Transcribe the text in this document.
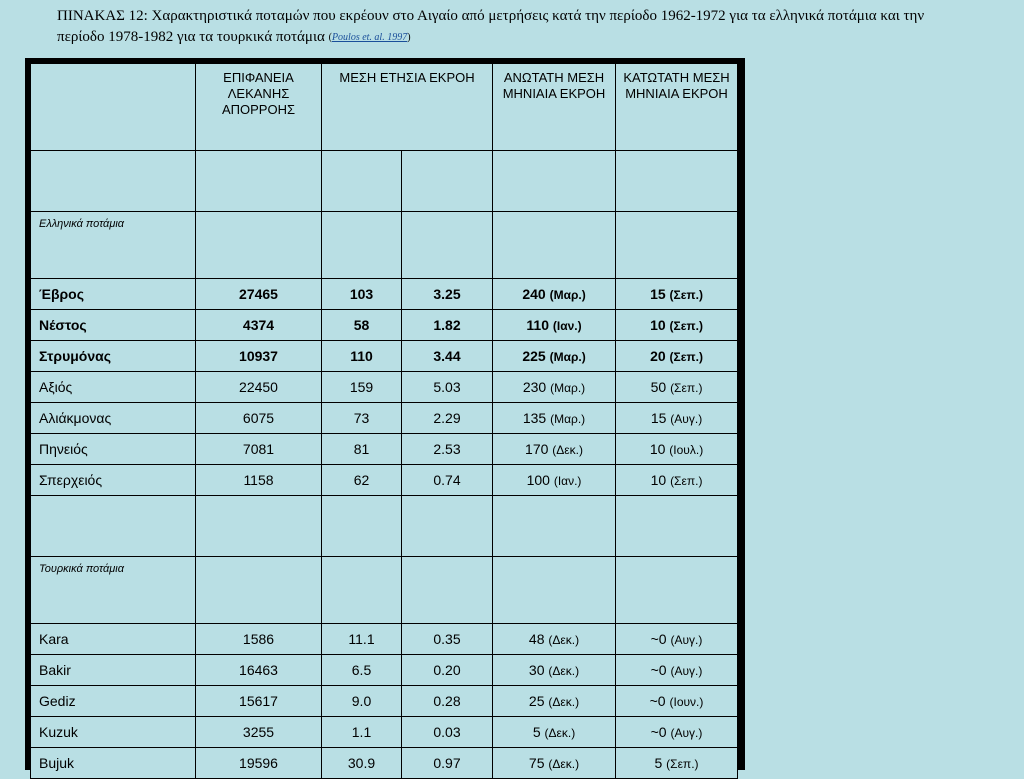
ΠΙΝΑΚΑΣ 12: Χαρακτηριστικά ποταμών που εκρέουν στο Αιγαίο από μετρήσεις κατά την περίοδο 1962-1972 για τα ελληνικά ποτάμια και την περίοδο 1978-1982 για τα τουρκικά ποτάμια $^{(Poulos et. al. 1997)}$
	ΕΠΙΦΑΝΕΙΑ ΛΕΚΑΝΗΣ ΑΠΟΡΡΟΗΣ	ΜΕΣΗ ΕΤΗΣΙΑ ΕΚΡΟΗ		ΑΝΩΤΑΤΗ ΜΕΣΗ ΜΗΝΙΑΙΑ ΕΚΡΟΗ	ΚΑΤΩΤΑΤΗ ΜΕΣΗ ΜΗΝΙΑΙΑ ΕΚΡΟΗ

Ελληνικά ποτάμια					
Έβρος	27465	103	3.25	240 (Μαρ.)	15 (Σεπ.)
Νέστος	4374	58	1.82	110 (Ιαν.)	10 (Σεπ.)
Στρυμόνας	10937	110	3.44	225 (Μαρ.)	20 (Σεπ.)
Αξιός	22450	159	5.03	230 (Μαρ.)	50 (Σεπ.)
Αλιάκμονας	6075	73	2.29	135 (Μαρ.)	15 (Αυγ.)
Πηνειός	7081	81	2.53	170 (Δεκ.)	10 (Ιουλ.)
Σπερχειός	1158	62	0.74	100 (Ιαν.)	10 (Σεπ.)

Τουρκικά ποτάμια					
Kara	1586	11.1	0.35	48 (Δεκ.)	~0 (Αυγ.)
Bakir	16463	6.5	0.20	30 (Δεκ.)	~0 (Αυγ.)
Gediz	15617	9.0	0.28	25 (Δεκ.)	~0 (Ιουν.)
Kuzuk	3255	1.1	0.03	5 (Δεκ.)	~0 (Αυγ.)
Bujuk	19596	30.9	0.97	75 (Δεκ.)	5 (Σεπ.)
